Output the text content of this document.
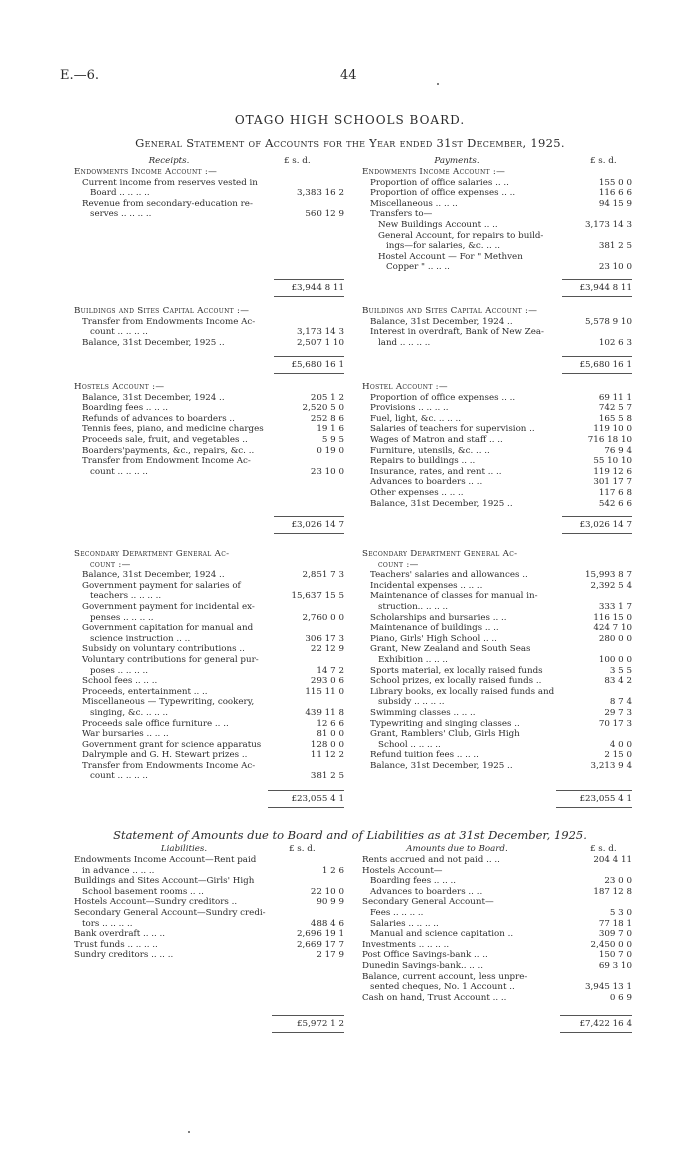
E.—6.	44
OTAGO HIGH SCHOOLS BOARD.
General Statement of Accounts for the Year ended 31st December, 1925.
Receipts.	£ s. d.	Payments.	£ s. d.
Endowments Income Account :—
Current income from reserves vested in
Board .. .. .. ..	3,383 16 2
Revenue from secondary-education re-
serves .. .. .. ..	560 12 9
Endowments Income Account :—
Proportion of office salaries .. ..	155 0 0
Proportion of office expenses .. ..	116 6 6
Miscellaneous .. .. ..	94 15 9
Transfers to—
New Buildings Account .. ..	3,173 14 3
General Account, for repairs to build-
ings—for salaries, &c. .. ..	381 2 5
Hostel Account — For " Methven
Copper " .. .. ..	23 10 0
£3,944 8 11	£3,944 8 11
Buildings and Sites Capital Account :—
Transfer from Endowments Income Ac-
count .. .. .. ..	3,173 14 3
Balance, 31st December, 1925 ..	2,507 1 10
Buildings and Sites Capital Account :—
Balance, 31st December, 1924 ..	5,578 9 10
Interest in overdraft, Bank of New Zea-
land .. .. .. ..	102 6 3
£5,680 16 1	£5,680 16 1
Hostels Account :—
Balance, 31st December, 1924 ..	205 1 2
Boarding fees .. .. ..	2,520 5 0
Refunds of advances to boarders ..	252 8 6
Tennis fees, piano, and medicine charges	19 1 6
Proceeds sale, fruit, and vegetables ..	5 9 5
Boarders'payments, &c., repairs, &c. ..	0 19 0
Transfer from Endowment Income Ac-
count .. .. .. ..	23 10 0
Hostel Account :—
Proportion of office expenses .. ..	69 11 1
Provisions .. .. .. ..	742 5 7
Fuel, light, &c. .. .. ..	165 5 8
Salaries of teachers for supervision ..	119 10 0
Wages of Matron and staff .. ..	716 18 10
Furniture, utensils, &c. .. ..	76 9 4
Repairs to buildings .. ..	55 10 10
Insurance, rates, and rent .. ..	119 12 6
Advances to boarders .. ..	301 17 7
Other expenses .. .. ..	117 6 8
Balance, 31st December, 1925 ..	542 6 6
£3,026 14 7	£3,026 14 7
Secondary Department General Ac-
count :—
Balance, 31st December, 1924 ..	2,851 7 3
Government payment for salaries of
teachers .. .. .. ..	15,637 15 5
Government payment for incidental ex-
penses .. .. .. ..	2,760 0 0
Government capitation for manual and
science instruction .. ..	306 17 3
Subsidy on voluntary contributions ..	22 12 9
Voluntary contributions for general pur-
poses .. .. .. ..	14 7 2
School fees .. .. ..	293 0 6
Proceeds, entertainment .. ..	115 11 0
Miscellaneous — Typewriting, cookery,
singing, &c. .. .. ..	439 11 8
Proceeds sale office furniture .. ..	12 6 6
War bursaries .. .. ..	81 0 0
Government grant for science apparatus	128 0 0
Dalrymple and G. H. Stewart prizes ..	11 12 2
Transfer from Endowments Income Ac-
count .. .. .. ..	381 2 5
Secondary Department General Ac-
count :—
Teachers' salaries and allowances ..	15,993 8 7
Incidental expenses .. .. ..	2,392 5 4
Maintenance of classes for manual in-
struction.. .. .. ..	333 1 7
Scholarships and bursaries .. ..	116 15 0
Maintenance of buildings .. ..	424 7 10
Piano, Girls' High School .. ..	280 0 0
Grant, New Zealand and South Seas
Exhibition .. .. ..	100 0 0
Sports material, ex locally raised funds	3 5 5
School prizes, ex locally raised funds ..	83 4 2
Library books, ex locally raised funds and
subsidy .. .. .. ..	8 7 4
Swimming classes .. .. ..	29 7 3
Typewriting and singing classes ..	70 17 3
Grant, Ramblers' Club, Girls High
School .. .. .. ..	4 0 0
Refund tuition fees .. .. ..	2 15 0
Balance, 31st December, 1925 ..	3,213 9 4
£23,055 4 1	£23,055 4 1
Statement of Amounts due to Board and of Liabilities as at 31st December, 1925.
Liabilities.	£ s. d.	Amounts due to Board.	£ s. d.
Endowments Income Account—Rent paid
in advance .. .. ..	1 2 6
Buildings and Sites Account—Girls' High
School basement rooms .. ..	22 10 0
Hostels Account—Sundry creditors ..	90 9 9
Secondary General Account—Sundry credi-
tors .. .. .. ..	488 4 6
Bank overdraft .. .. ..	2,696 19 1
Trust funds .. .. .. ..	2,669 17 7
Sundry creditors .. .. ..	2 17 9
Rents accrued and not paid .. ..	204 4 11
Hostels Account—
Boarding fees .. .. ..	23 0 0
Advances to boarders .. ..	187 12 8
Secondary General Account—
Fees .. .. .. ..	5 3 0
Salaries .. .. .. ..	77 18 1
Manual and science capitation ..	309 7 0
Investments .. .. .. ..	2,450 0 0
Post Office Savings-bank .. ..	150 7 0
Dunedin Savings-bank.. .. ..	69 3 10
Balance, current account, less unpre-
sented cheques, No. 1 Account ..	3,945 13 1
Cash on hand, Trust Account .. ..	0 6 9
£5,972 1 2	£7,422 16 4
